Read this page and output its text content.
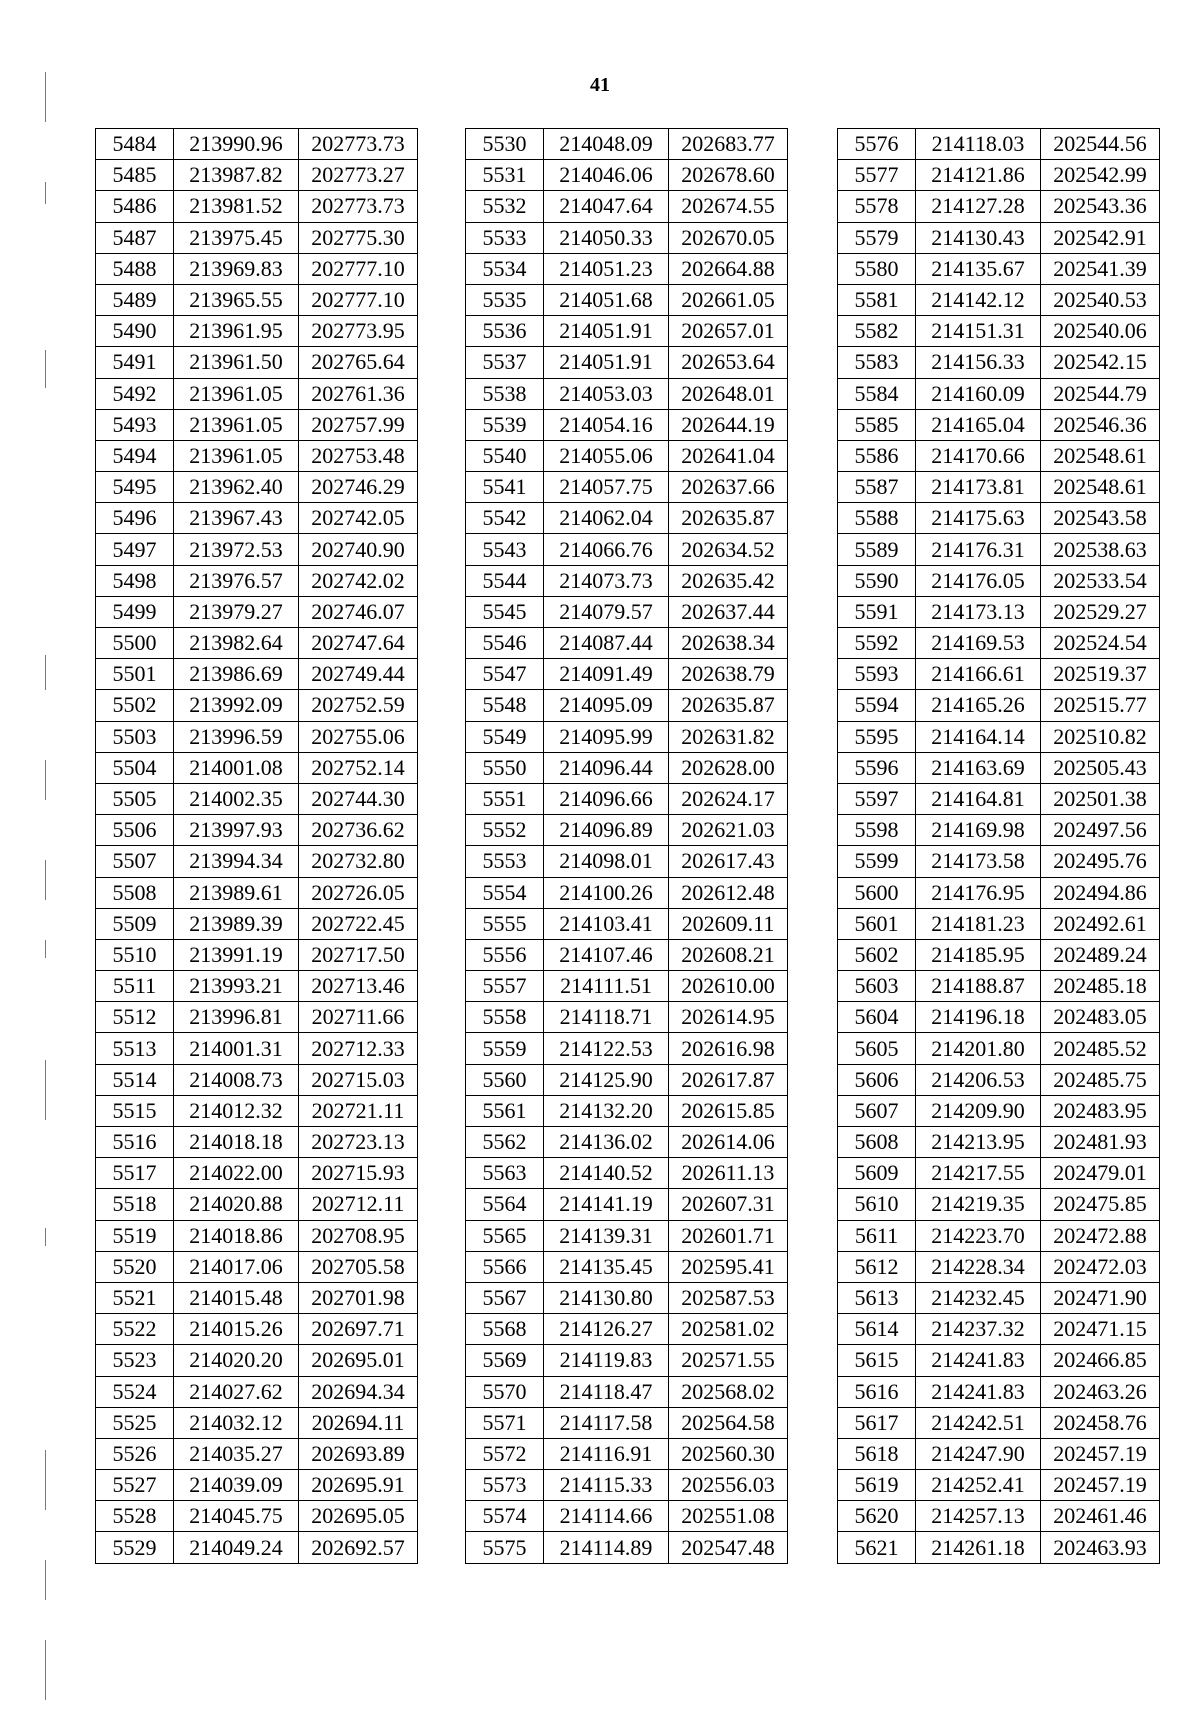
41
5484	213990.96	202773.73
5485	213987.82	202773.27
5486	213981.52	202773.73
5487	213975.45	202775.30
5488	213969.83	202777.10
5489	213965.55	202777.10
5490	213961.95	202773.95
5491	213961.50	202765.64
5492	213961.05	202761.36
5493	213961.05	202757.99
5494	213961.05	202753.48
5495	213962.40	202746.29
5496	213967.43	202742.05
5497	213972.53	202740.90
5498	213976.57	202742.02
5499	213979.27	202746.07
5500	213982.64	202747.64
5501	213986.69	202749.44
5502	213992.09	202752.59
5503	213996.59	202755.06
5504	214001.08	202752.14
5505	214002.35	202744.30
5506	213997.93	202736.62
5507	213994.34	202732.80
5508	213989.61	202726.05
5509	213989.39	202722.45
5510	213991.19	202717.50
5511	213993.21	202713.46
5512	213996.81	202711.66
5513	214001.31	202712.33
5514	214008.73	202715.03
5515	214012.32	202721.11
5516	214018.18	202723.13
5517	214022.00	202715.93
5518	214020.88	202712.11
5519	214018.86	202708.95
5520	214017.06	202705.58
5521	214015.48	202701.98
5522	214015.26	202697.71
5523	214020.20	202695.01
5524	214027.62	202694.34
5525	214032.12	202694.11
5526	214035.27	202693.89
5527	214039.09	202695.91
5528	214045.75	202695.05
5529	214049.24	202692.57
5530	214048.09	202683.77
5531	214046.06	202678.60
5532	214047.64	202674.55
5533	214050.33	202670.05
5534	214051.23	202664.88
5535	214051.68	202661.05
5536	214051.91	202657.01
5537	214051.91	202653.64
5538	214053.03	202648.01
5539	214054.16	202644.19
5540	214055.06	202641.04
5541	214057.75	202637.66
5542	214062.04	202635.87
5543	214066.76	202634.52
5544	214073.73	202635.42
5545	214079.57	202637.44
5546	214087.44	202638.34
5547	214091.49	202638.79
5548	214095.09	202635.87
5549	214095.99	202631.82
5550	214096.44	202628.00
5551	214096.66	202624.17
5552	214096.89	202621.03
5553	214098.01	202617.43
5554	214100.26	202612.48
5555	214103.41	202609.11
5556	214107.46	202608.21
5557	214111.51	202610.00
5558	214118.71	202614.95
5559	214122.53	202616.98
5560	214125.90	202617.87
5561	214132.20	202615.85
5562	214136.02	202614.06
5563	214140.52	202611.13
5564	214141.19	202607.31
5565	214139.31	202601.71
5566	214135.45	202595.41
5567	214130.80	202587.53
5568	214126.27	202581.02
5569	214119.83	202571.55
5570	214118.47	202568.02
5571	214117.58	202564.58
5572	214116.91	202560.30
5573	214115.33	202556.03
5574	214114.66	202551.08
5575	214114.89	202547.48
5576	214118.03	202544.56
5577	214121.86	202542.99
5578	214127.28	202543.36
5579	214130.43	202542.91
5580	214135.67	202541.39
5581	214142.12	202540.53
5582	214151.31	202540.06
5583	214156.33	202542.15
5584	214160.09	202544.79
5585	214165.04	202546.36
5586	214170.66	202548.61
5587	214173.81	202548.61
5588	214175.63	202543.58
5589	214176.31	202538.63
5590	214176.05	202533.54
5591	214173.13	202529.27
5592	214169.53	202524.54
5593	214166.61	202519.37
5594	214165.26	202515.77
5595	214164.14	202510.82
5596	214163.69	202505.43
5597	214164.81	202501.38
5598	214169.98	202497.56
5599	214173.58	202495.76
5600	214176.95	202494.86
5601	214181.23	202492.61
5602	214185.95	202489.24
5603	214188.87	202485.18
5604	214196.18	202483.05
5605	214201.80	202485.52
5606	214206.53	202485.75
5607	214209.90	202483.95
5608	214213.95	202481.93
5609	214217.55	202479.01
5610	214219.35	202475.85
5611	214223.70	202472.88
5612	214228.34	202472.03
5613	214232.45	202471.90
5614	214237.32	202471.15
5615	214241.83	202466.85
5616	214241.83	202463.26
5617	214242.51	202458.76
5618	214247.90	202457.19
5619	214252.41	202457.19
5620	214257.13	202461.46
5621	214261.18	202463.93
